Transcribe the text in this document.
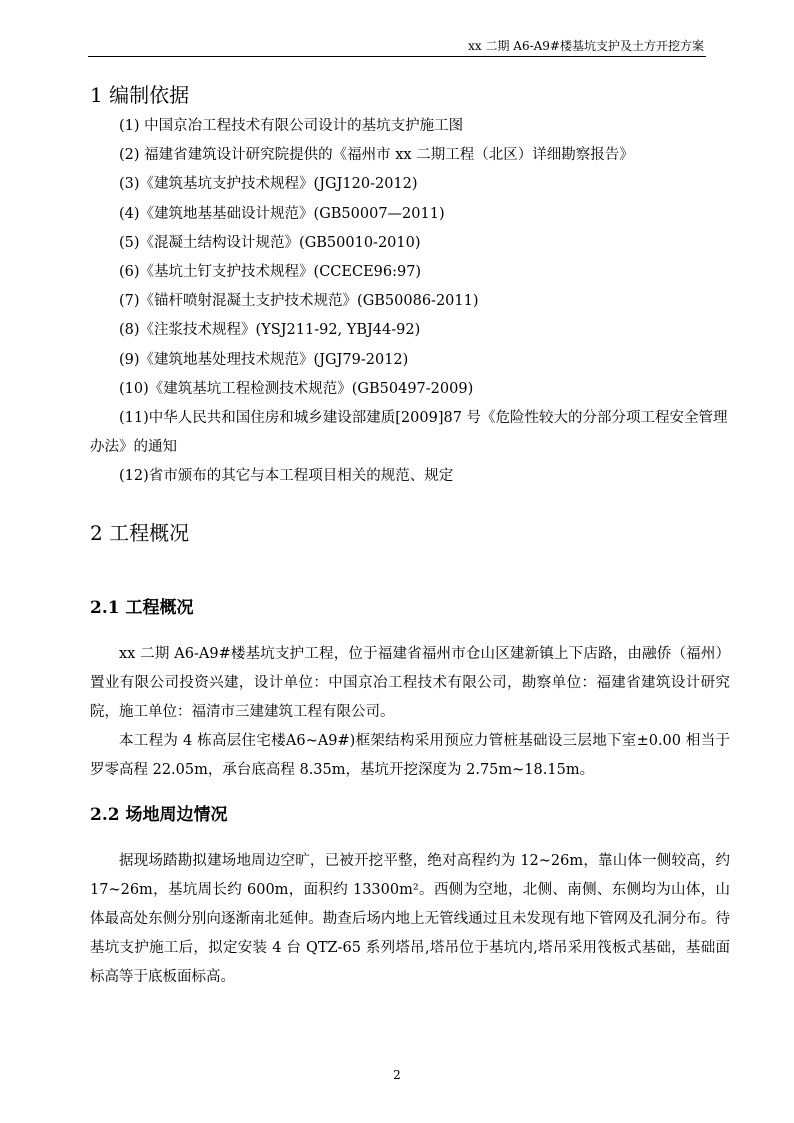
xx 二期 A6-A9#楼基坑支护及土方开挖方案
1 编制依据
(1) 中国京冶工程技术有限公司设计的基坑支护施工图
(2) 福建省建筑设计研究院提供的《福州市 xx 二期工程（北区）详细勘察报告》
(3)《建筑基坑支护技术规程》(JGJ120-2012)
(4)《建筑地基基础设计规范》(GB50007—2011)
(5)《混凝土结构设计规范》(GB50010-2010)
(6)《基坑土钉支护技术规程》(CCECE96:97)
(7)《锚杆喷射混凝土支护技术规范》(GB50086-2011)
(8)《注浆技术规程》(YSJ211-92, YBJ44-92)
(9)《建筑地基处理技术规范》(JGJ79-2012)
(10)《建筑基坑工程检测技术规范》(GB50497-2009)
(11)中华人民共和国住房和城乡建设部建质[2009]87 号《危险性较大的分部分项工程安全管理办法》的通知
(12)省市颁布的其它与本工程项目相关的规范、规定
2 工程概况
2.1 工程概况

xx 二期 A6-A9#楼基坑支护工程，位于福建省福州市仓山区建新镇上下店路，由融侨（福州）置业有限公司投资兴建，设计单位：中国京冶工程技术有限公司，勘察单位：福建省建筑设计研究院，施工单位：福清市三建建筑工程有限公司。

本工程为 4 栋高层住宅楼A6~A9#)框架结构采用预应力管桩基础设三层地下室±0.00 相当于罗零高程 22.05m，承台底高程 8.35m，基坑开挖深度为 2.75m~18.15m。

2.2 场地周边情况

据现场踏勘拟建场地周边空旷，已被开挖平整，绝对高程约为 12~26m，靠山体一侧较高，约 17~26m，基坑周长约 600m，面积约 13300m²。西侧为空地，北侧、南侧、东侧均为山体，山体最高处东侧分别向逐渐南北延伸。勘查后场内地上无管线通过且未发现有地下管网及孔洞分布。待基坑支护施工后，拟定安装 4 台 QTZ-65 系列塔吊,塔吊位于基坑内,塔吊采用筏板式基础，基础面标高等于底板面标高。

2
